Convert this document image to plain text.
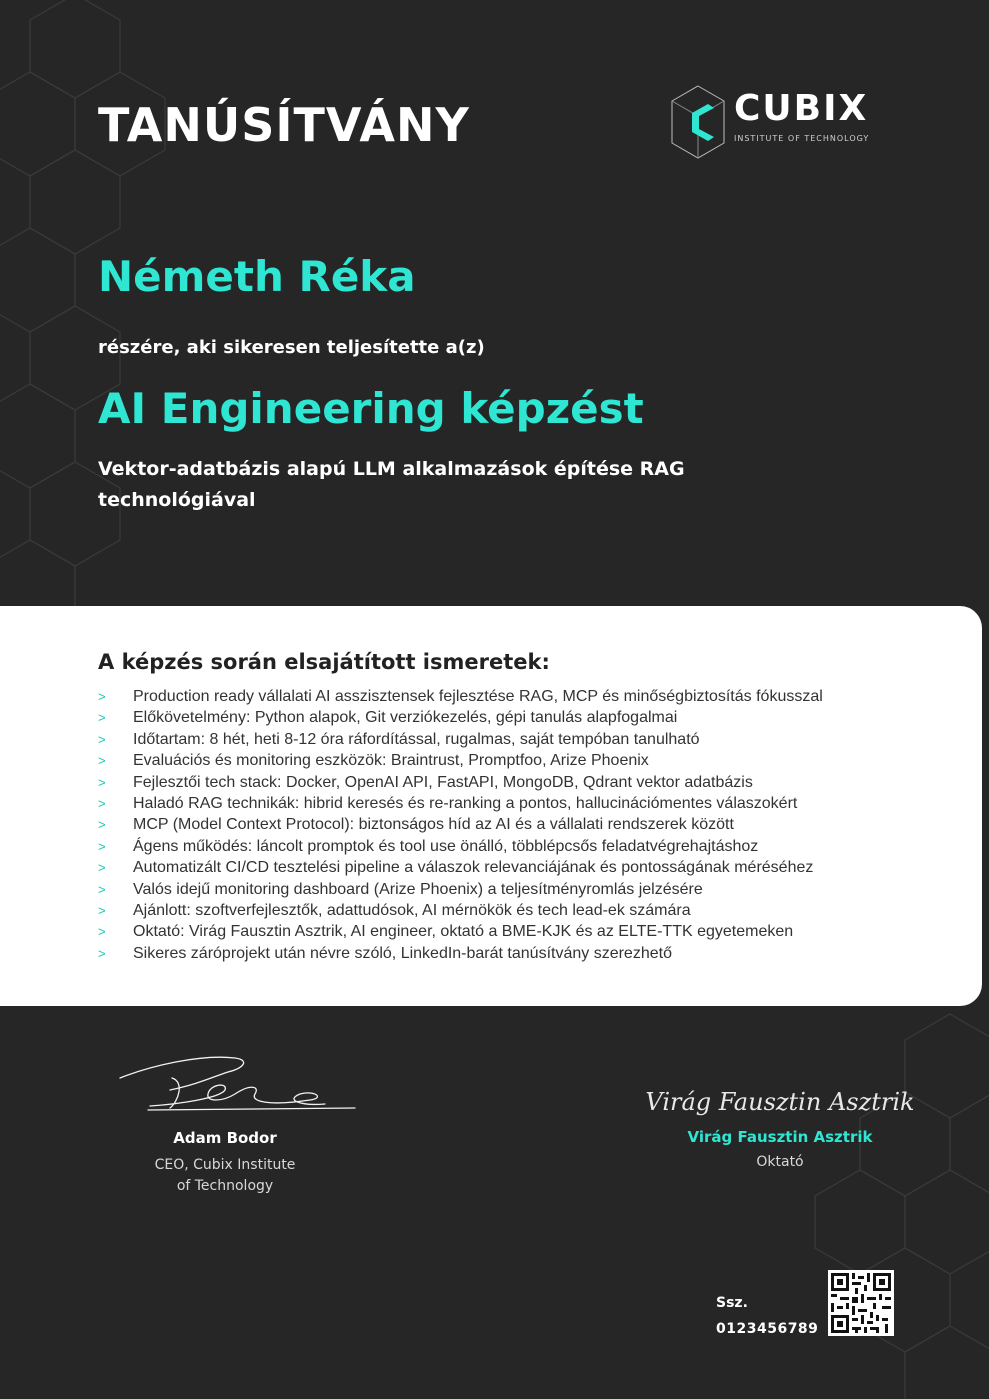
TANÚSÍTVÁNY	CUBIX
INSTITUTE OF TECHNOLOGY
Németh Réka
részére, aki sikeresen teljesítette a(z)
AI Engineering képzést
Vektor-adatbázis alapú LLM alkalmazások építése RAG technológiával
A képzés során elsajátított ismeretek:
>	Production ready vállalati AI asszisztensek fejlesztése RAG, MCP és minőségbiztosítás fókusszal
>	Előkövetelmény: Python alapok, Git verziókezelés, gépi tanulás alapfogalmai
>	Időtartam: 8 hét, heti 8-12 óra ráfordítással, rugalmas, saját tempóban tanulható
>	Evaluációs és monitoring eszközök: Braintrust, Promptfoo, Arize Phoenix
>	Fejlesztői tech stack: Docker, OpenAI API, FastAPI, MongoDB, Qdrant vektor adatbázis
>	Haladó RAG technikák: hibrid keresés és re-ranking a pontos, hallucinációmentes válaszokért
>	MCP (Model Context Protocol): biztonságos híd az AI és a vállalati rendszerek között
>	Ágens működés: láncolt promptok és tool use önálló, többlépcsős feladatvégrehajtáshoz
>	Automatizált CI/CD tesztelési pipeline a válaszok relevanciájának és pontosságának méréséhez
>	Valós idejű monitoring dashboard (Arize Phoenix) a teljesítményromlás jelzésére
>	Ajánlott: szoftverfejlesztők, adattudósok, AI mérnökök és tech lead-ek számára
>	Oktató: Virág Fausztin Asztrik, AI engineer, oktató a BME-KJK és az ELTE-TTK egyetemeken
>	Sikeres záróprojekt után névre szóló, LinkedIn-barát tanúsítvány szerezhető
Adam Bodor
CEO, Cubix Institute
of Technology
Virág Fausztin Asztrik
Virág Fausztin Asztrik
Oktató
Ssz.
0123456789
